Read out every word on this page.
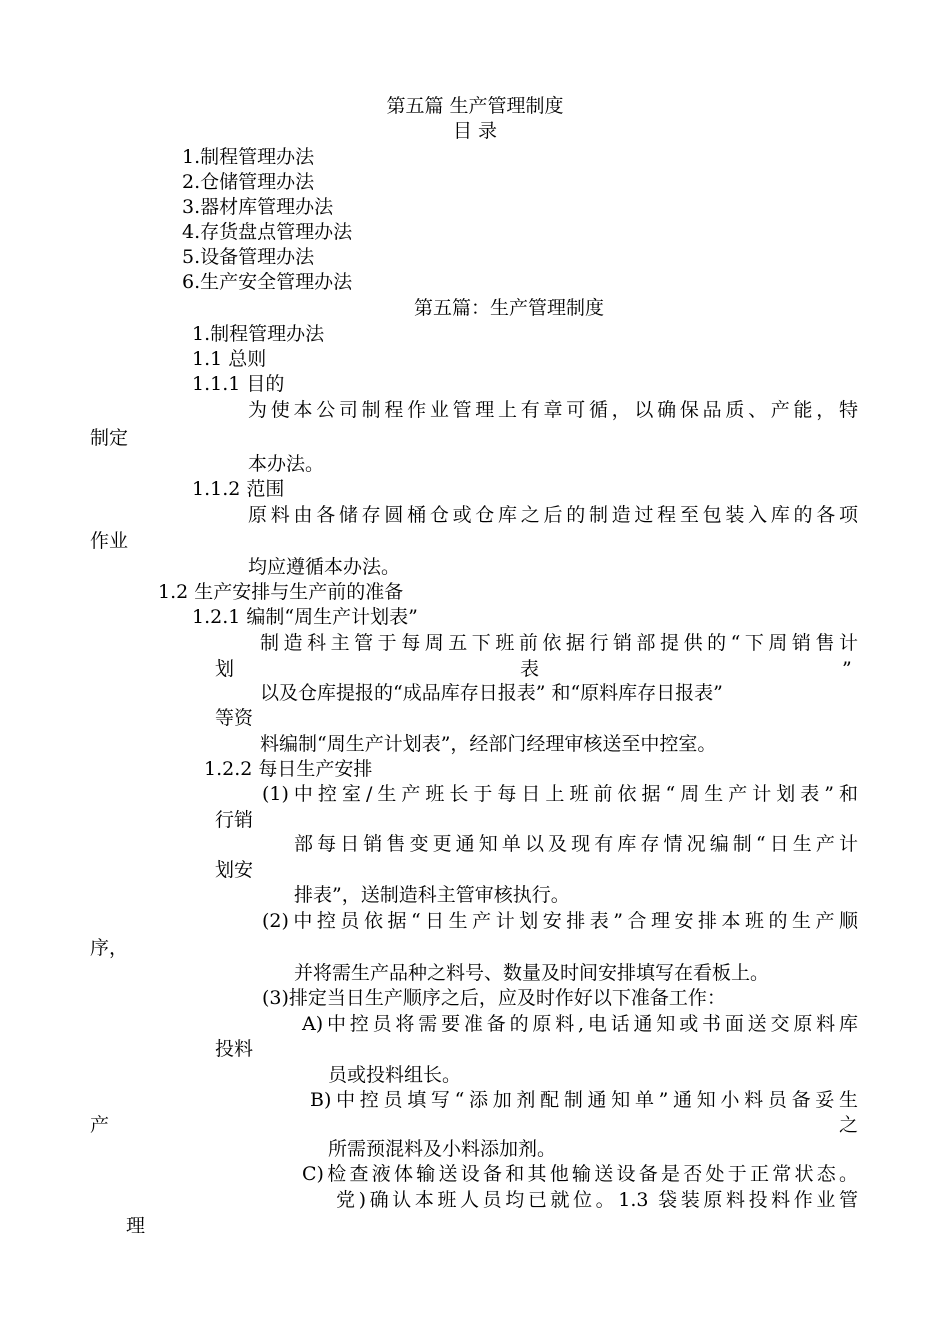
第五篇 生产管理制度
目 录
1.制程管理办法
2.仓储管理办法
3.器材库管理办法
4.存货盘点管理办法
5.设备管理办法
6.生产安全管理办法
第五篇：生产管理制度
1.制程管理办法
1.1 总则
1.1.1 目的
为使本公司制程作业管理上有章可循，以确保品质、产能，特
制定
本办法。
1.1.2 范围
原料由各储存圆桶仓或仓库之后的制造过程至包装入库的各项
作业
均应遵循本办法。
1.2 生产安排与生产前的准备
1.2.1 编制“周生产计划表”
制造科主管于每周五下班前依据行销部提供的“下周销售计
划	表	”
以及仓库提报的“成品库存日报表” 和“原料库存日报表”
等资
料编制“周生产计划表”，经部门经理审核送至中控室。
1.2.2 每日生产安排
(1)中控室/生产班长于每日上班前依据“周生产计划表”和
行销
部每日销售变更通知单以及现有库存情况编制“日生产计
划安
排表”，送制造科主管审核执行。
(2)中控员依据“日生产计划安排表”合理安排本班的生产顺
序，
并将需生产品种之料号、数量及时间安排填写在看板上。
(3)排定当日生产顺序之后，应及时作好以下准备工作：
A)中控员将需要准备的原料,电话通知或书面送交原料库
投料
员或投料组长。
B)中控员填写“添加剂配制通知单”通知小料员备妥生
产	之
所需预混料及小料添加剂。
C)检查液体输送设备和其他输送设备是否处于正常状态。
党)确认本班人员均已就位。1.3 袋装原料投料作业管
理
